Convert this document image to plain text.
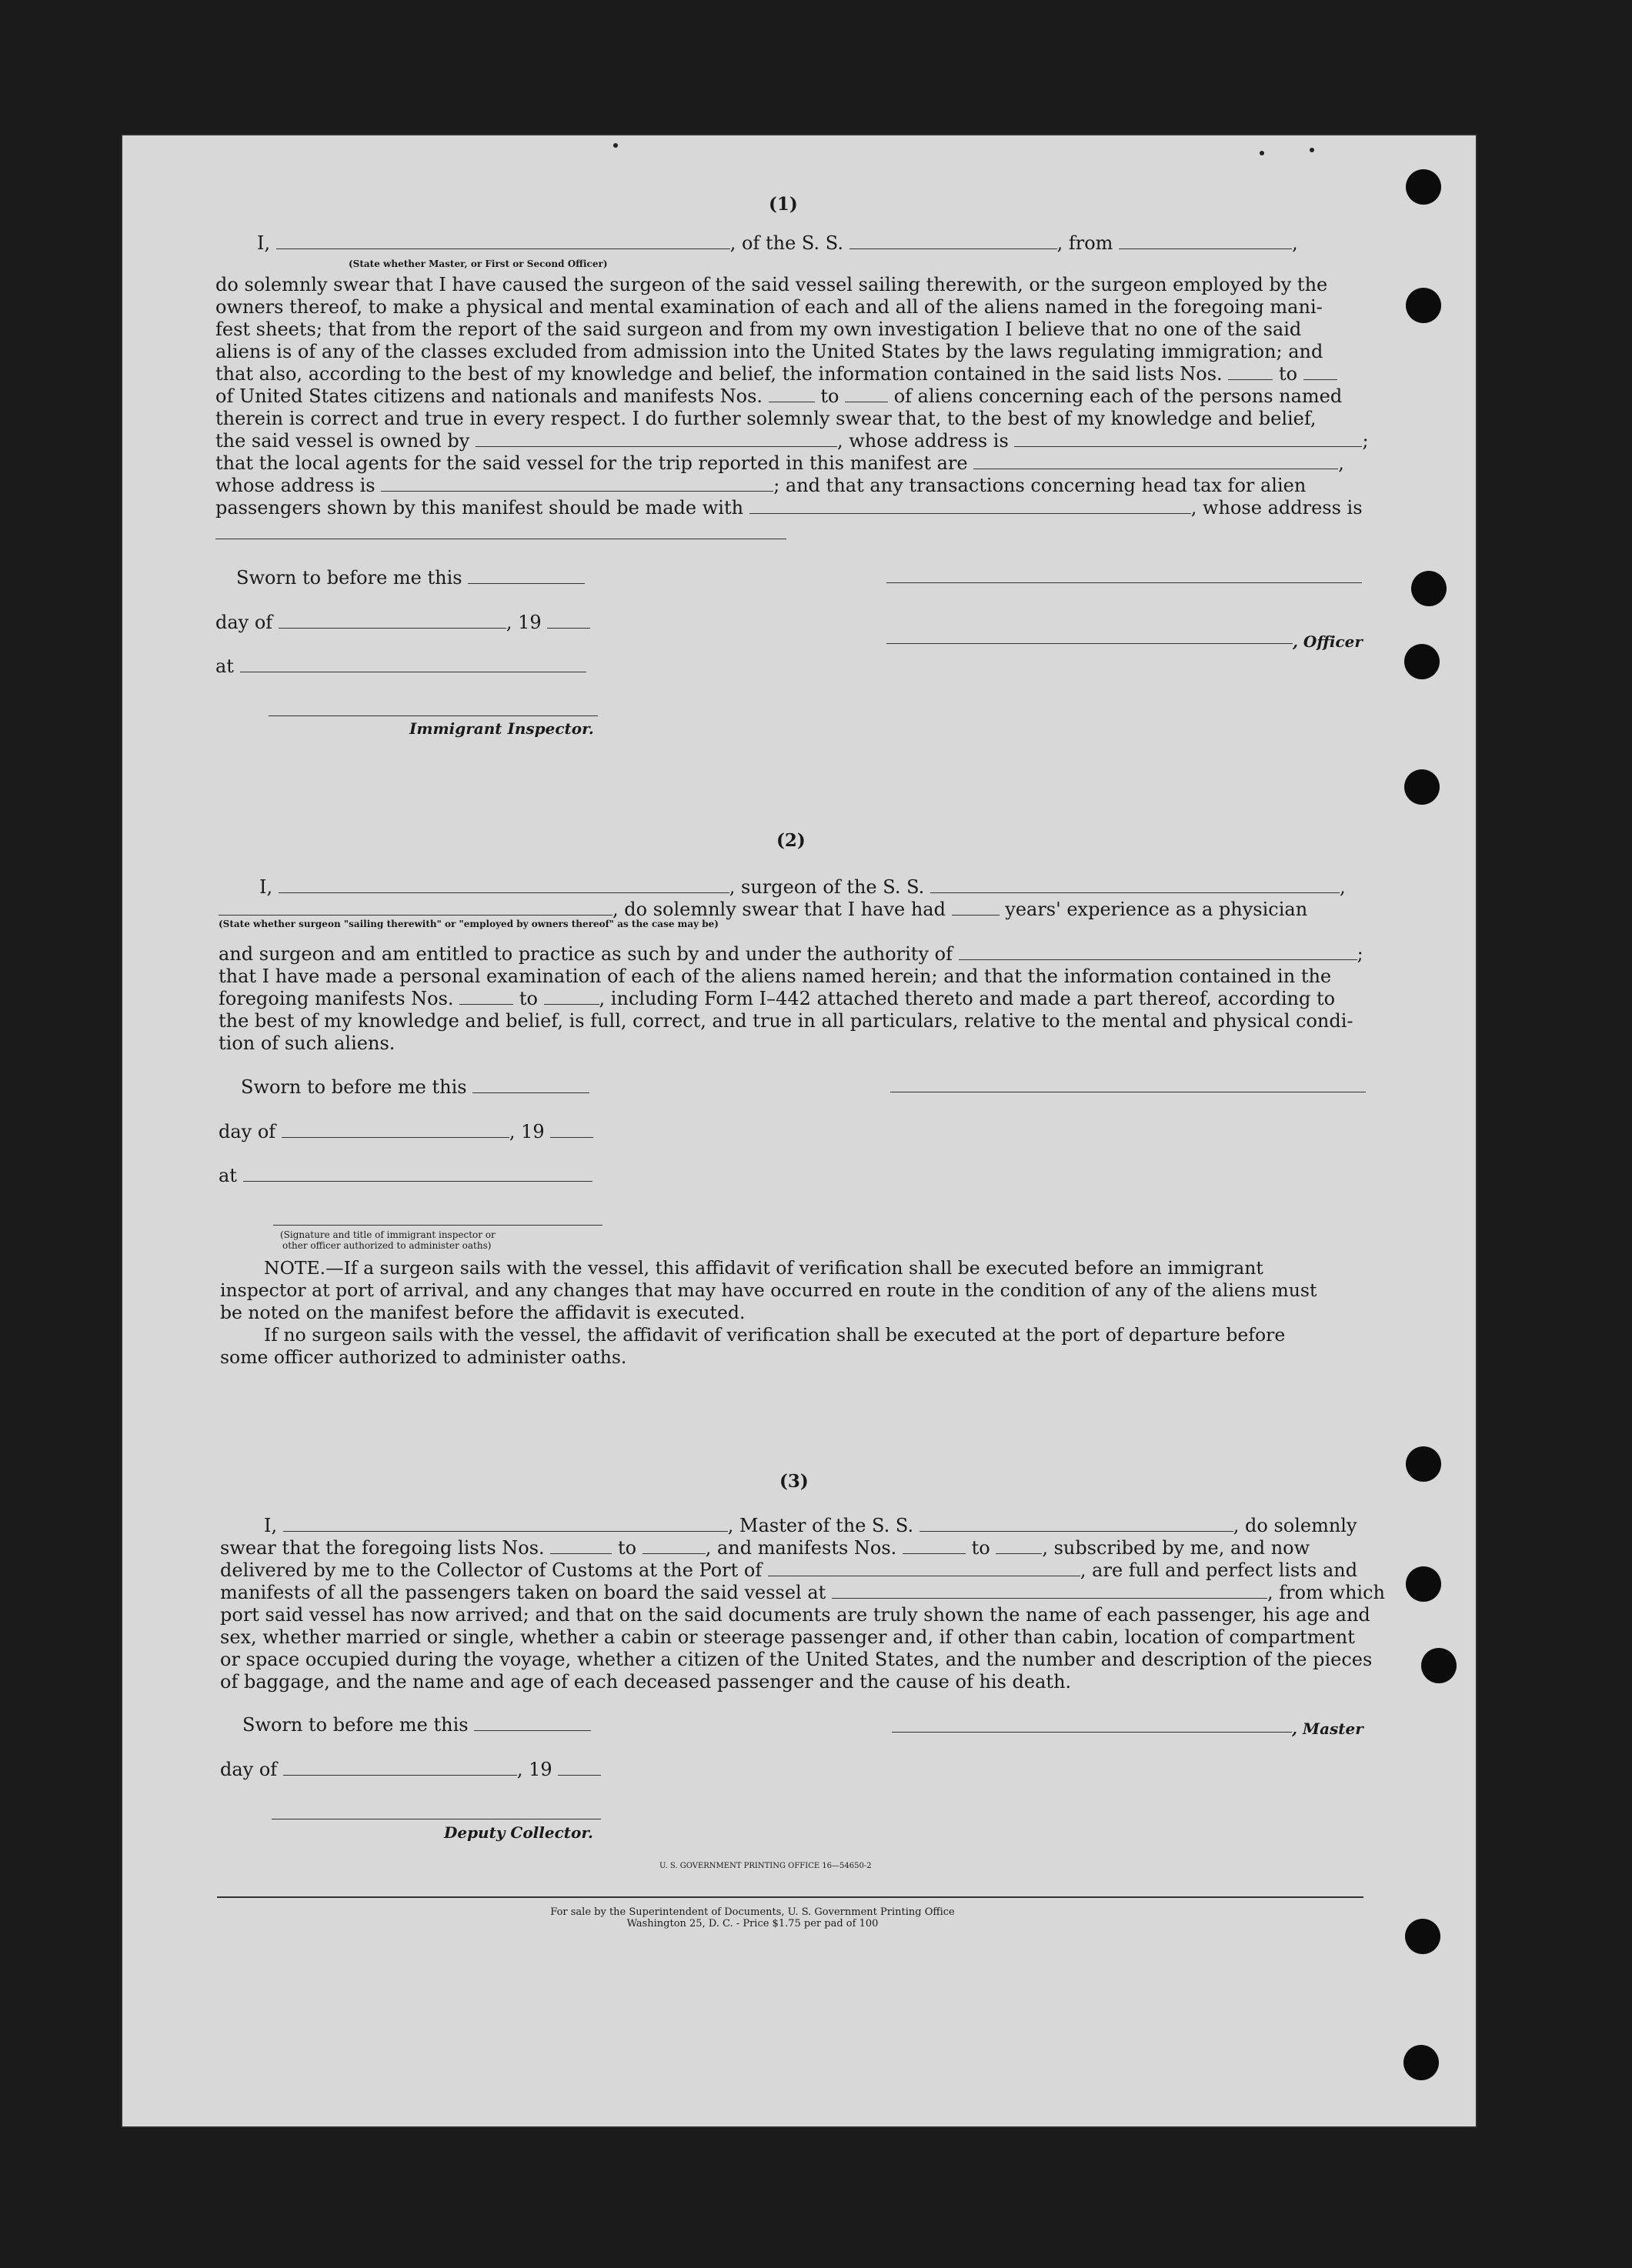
(1)
I,	, of the S. S.	, from	,
(State whether Master, or First or Second Officer)
do solemnly swear that I have caused the surgeon of the said vessel sailing therewith, or the surgeon employed by the
owners thereof, to make a physical and mental examination of each and all of the aliens named in the foregoing mani-
fest sheets; that from the report of the said surgeon and from my own investigation I believe that no one of the said
aliens is of any of the classes excluded from admission into the United States by the laws regulating immigration; and
that also, according to the best of my knowledge and belief, the information contained in the said lists Nos.	to
of United States citizens and nationals and manifests Nos.	to	of aliens concerning each of the persons named
therein is correct and true in every respect. I do further solemnly swear that, to the best of my knowledge and belief,
the said vessel is owned by	, whose address is	;
that the local agents for the said vessel for the trip reported in this manifest are	,
whose address is	; and that any transactions concerning head tax for alien
passengers shown by this manifest should be made with	, whose address is
Sworn to before me this
day of	, 19
, Officer
at
Immigrant Inspector.
(2)
I,	, surgeon of the S. S.	,
, do solemnly swear that I have had	years' experience as a physician
(State whether surgeon "sailing therewith" or "employed by owners thereof" as the case may be)
and surgeon and am entitled to practice as such by and under the authority of	;
that I have made a personal examination of each of the aliens named herein; and that the information contained in the
foregoing manifests Nos.	to	, including Form I–442 attached thereto and made a part thereof, according to
the best of my knowledge and belief, is full, correct, and true in all particulars, relative to the mental and physical condi-
tion of such aliens.
Sworn to before me this
day of	, 19
at
(Signature and title of immigrant inspector or
other officer authorized to administer oaths)
NOTE.—If a surgeon sails with the vessel, this affidavit of verification shall be executed before an immigrant
inspector at port of arrival, and any changes that may have occurred en route in the condition of any of the aliens must
be noted on the manifest before the affidavit is executed.
If no surgeon sails with the vessel, the affidavit of verification shall be executed at the port of departure before
some officer authorized to administer oaths.
(3)
I,	, Master of the S. S.	, do solemnly
swear that the foregoing lists Nos.	to	, and manifests Nos.	to	, subscribed by me, and now
delivered by me to the Collector of Customs at the Port of	, are full and perfect lists and
manifests of all the passengers taken on board the said vessel at	, from which
port said vessel has now arrived; and that on the said documents are truly shown the name of each passenger, his age and
sex, whether married or single, whether a cabin or steerage passenger and, if other than cabin, location of compartment
or space occupied during the voyage, whether a citizen of the United States, and the number and description of the pieces
of baggage, and the name and age of each deceased passenger and the cause of his death.
Sworn to before me this	, Master
day of	, 19
Deputy Collector.
U. S. GOVERNMENT PRINTING OFFICE 16—54650-2
For sale by the Superintendent of Documents, U. S. Government Printing Office
Washington 25, D. C. - Price $1.75 per pad of 100
